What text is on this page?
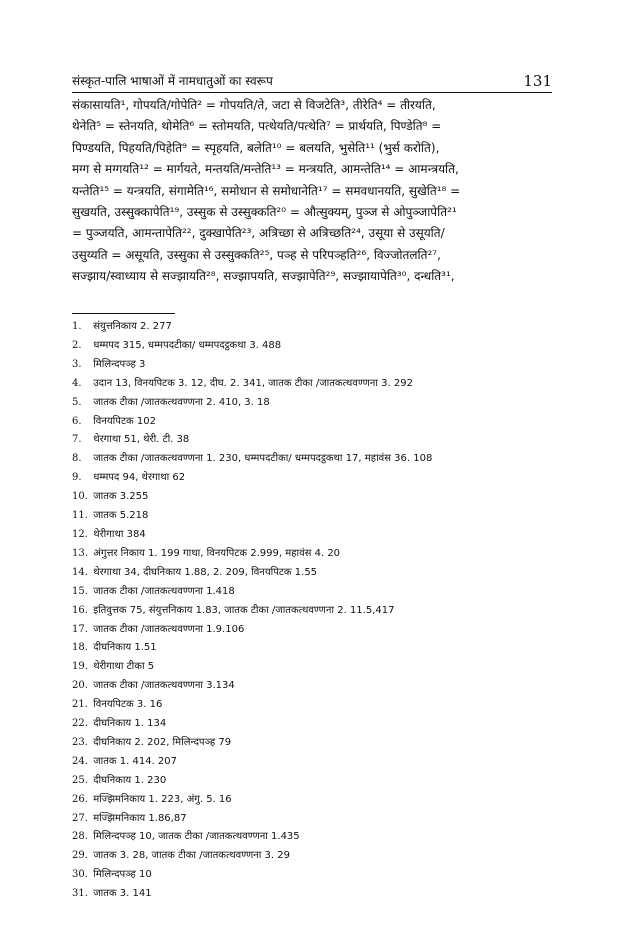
संस्कृत-पालि भाषाओं में नामधातुओं का स्वरूप	131
संकासायति¹, गोपयति/गोपेति² = गोपयति/ते, जटा से विजटेति³, तीरेति⁴ = तीरयति,
थेनेति⁵ = स्तेनयति, थोमेति⁶ = स्तोमयति, पत्थेयति/पत्थेति⁷ = प्रार्थयति, पिण्डेति⁸ =
पिण्डयति, पिहयति/पिहेति⁹ = स्पृहयति, बलेति¹⁰ = बलयति, भुसेति¹¹ (भुर्स करोति),
मग्ग से मग्गयति¹² = मार्गयते, मन्तयति/मन्तेति¹³ = मन्त्रयति, आमन्तेति¹⁴ = आमन्त्रयति,
यन्तेति¹⁵ = यन्त्रयति, संगामेति¹⁶, समोधान से समोधानेति¹⁷ = समवधानयति, सुखेति¹⁸ =
सुखयति, उस्सुक्कापेति¹⁹, उस्सुक से उस्सुक्कति²⁰ = औत्सुक्यम्, पुञ्ज से ओपुञ्जापेति²¹
= पुञ्जयति, आमन्तापेति²², दुक्खापेति²³, अत्रिच्छा से अत्रिच्छति²⁴, उसूया से उसूयति/
उसुय्यति = असूयति, उस्सुका से उस्सुक्कति²⁵, पञ्ह से परिपञ्हति²⁶, विज्जोतलति²⁷,
सज्झाय/स्वाध्याय से सज्झायति²⁸, सज्झापयति, सज्झापेति²⁹, सज्झायापेति³⁰, दन्धति³¹,
1. संयुत्तनिकाय 2. 277
2. धम्मपद 315, धम्मपदटीका/ धम्मपदट्ठकथा 3. 488
3. मिलिन्दपञ्ह 3
4. उदान 13, विनयपिटक 3. 12, दीघ. 2. 341, जातक टीका /जातकत्थवण्णना 3. 292
5. जातक टीका /जातकत्थवण्णना 2. 410, 3. 18
6. विनयपिटक 102
7. थेरगाथा 51, थेरी. टी. 38
8. जातक टीका /जातकत्थवण्णना 1. 230, धम्मपदटीका/ धम्मपदट्ठकथा 17, महावंस 36. 108
9. धम्मपद 94, थेरगाथा 62
10. जातक 3.255
11. जातक 5.218
12. थेरीगाथा 384
13. अंगुत्तर निकाय 1. 199 गाथा, विनयपिटक 2.999, महावंस 4. 20
14. थेरगाथा 34, दीघनिकाय 1.88, 2. 209, विनयपिटक 1.55
15. जातक टीका /जातकत्थवण्णना 1.418
16. इतिवुत्तक 75, संयुत्तनिकाय 1.83, जातक टीका /जातकत्थवण्णना 2. 11.5,417
17. जातक टीका /जातकत्थवण्णना 1.9.106
18. दीघनिकाय 1.51
19. थेरीगाथा टीका 5
20. जातक टीका /जातकत्थवण्णना 3.134
21. विनयपिटक 3. 16
22. दीघनिकाय 1. 134
23. दीघनिकाय 2. 202, मिलिन्दपञ्ह 79
24. जातक 1. 414. 207
25. दीघनिकाय 1. 230
26. मज्झिमनिकाय 1. 223, अंगु. 5. 16
27. मज्झिमनिकाय 1.86,87
28. मिलिन्दपञ्ह 10, जातक टीका /जातकत्थवण्णना 1.435
29. जातक 3. 28, जातक टीका /जातकत्थवण्णना 3. 29
30. मिलिन्दपञ्ह 10
31. जातक 3. 141
